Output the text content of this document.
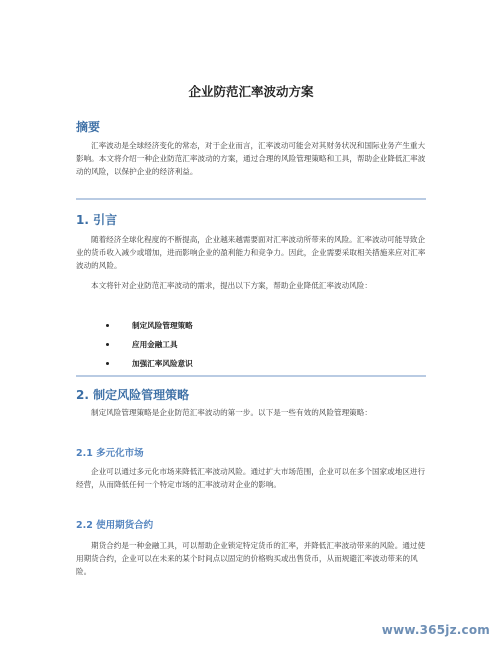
企业防范汇率波动方案
摘要

汇率波动是全球经济变化的常态，对于企业而言，汇率波动可能会对其财务状况和国际业务产生重大影响。本文将介绍一种企业防范汇率波动的方案，通过合理的风险管理策略和工具，帮助企业降低汇率波动的风险，以保护企业的经济利益。

1. 引言

随着经济全球化程度的不断提高，企业越来越需要面对汇率波动所带来的风险。汇率波动可能导致企业的货币收入减少或增加，进而影响企业的盈利能力和竞争力。因此，企业需要采取相关措施来应对汇率波动的风险。

本文将针对企业防范汇率波动的需求，提出以下方案，帮助企业降低汇率波动风险：

制定风险管理策略
应用金融工具
加强汇率风险意识
2. 制定风险管理策略

制定风险管理策略是企业防范汇率波动的第一步。以下是一些有效的风险管理策略：

2.1 多元化市场

企业可以通过多元化市场来降低汇率波动风险。通过扩大市场范围，企业可以在多个国家或地区进行经营，从而降低任何一个特定市场的汇率波动对企业的影响。

2.2 使用期货合约

期货合约是一种金融工具，可以帮助企业锁定特定货币的汇率，并降低汇率波动带来的风险。通过使用期货合约，企业可以在未来的某个时间点以固定的价格购买或出售货币，从而规避汇率波动带来的风险。

www.365jz.com
